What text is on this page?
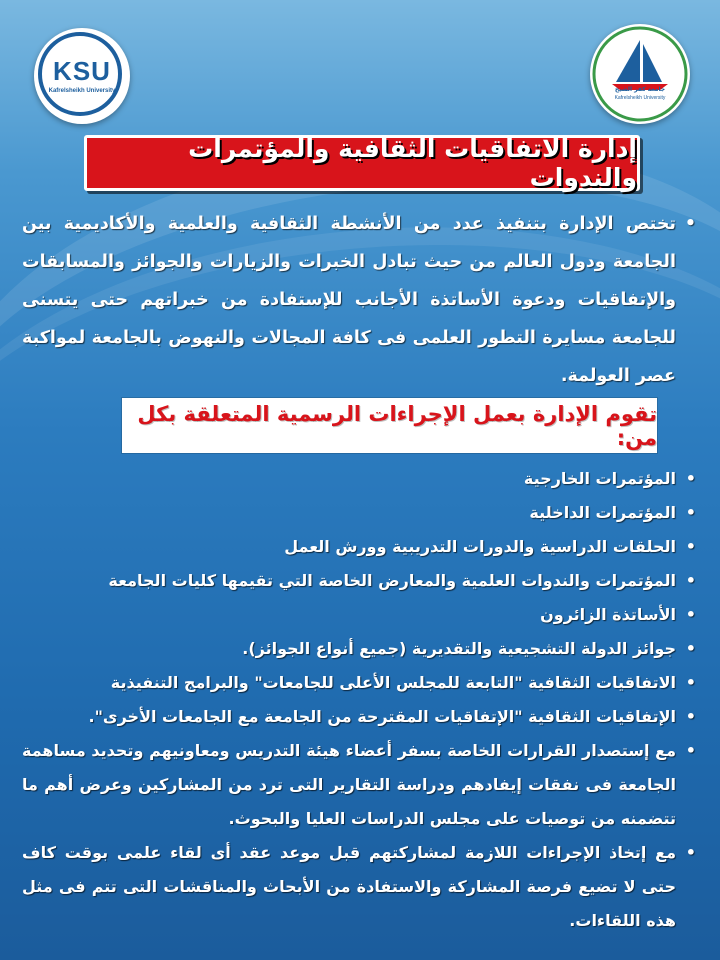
KSU
Kafrelsheikh University	جامعة كفر الشيخ
Kafrelsheikh University
إدارة الاتفاقيات الثقافية والمؤتمرات والندوات
• تختص الإدارة بتنفيذ عدد من الأنشطة الثقافية والعلمية والأكاديمية بين الجامعة ودول العالم من حيث تبادل الخبرات والزيارات والجوائز والمسابقات والإتفاقيات ودعوة الأساتذة الأجانب للإستفادة من خبراتهم حتى يتسنى للجامعة مسايرة التطور العلمى فى كافة المجالات والنهوض بالجامعة لمواكبة عصر العولمة.
تقوم الإدارة بعمل الإجراءات الرسمية المتعلقة بكل من:
• المؤتمرات الخارجية
• المؤتمرات الداخلية
• الحلقات الدراسية والدورات التدريبية وورش العمل
• المؤتمرات والندوات العلمية والمعارض الخاصة التي تقيمها كليات الجامعة
• الأساتذة الزائرون
• جوائز الدولة التشجيعية والتقديرية (جميع أنواع الجوائز).
• الاتفاقيات الثقافية "التابعة للمجلس الأعلى للجامعات" والبرامج التنفيذية
• الإتفاقيات الثقافية "الإتفاقيات المقترحة من الجامعة مع الجامعات الأخرى".
• مع إستصدار القرارات الخاصة بسفر أعضاء هيئة التدريس ومعاونيهم وتحديد مساهمة الجامعة فى نفقات إيفادهم ودراسة التقارير التى ترد من المشاركين وعرض أهم ما تتضمنه من توصيات على مجلس الدراسات العليا والبحوث.
• مع إتخاذ الإجراءات اللازمة لمشاركتهم قبل موعد عقد أى لقاء علمى بوقت كاف حتى لا تضيع فرصة المشاركة والاستفادة من الأبحاث والمناقشات التى تتم فى مثل هذه اللقاءات.
